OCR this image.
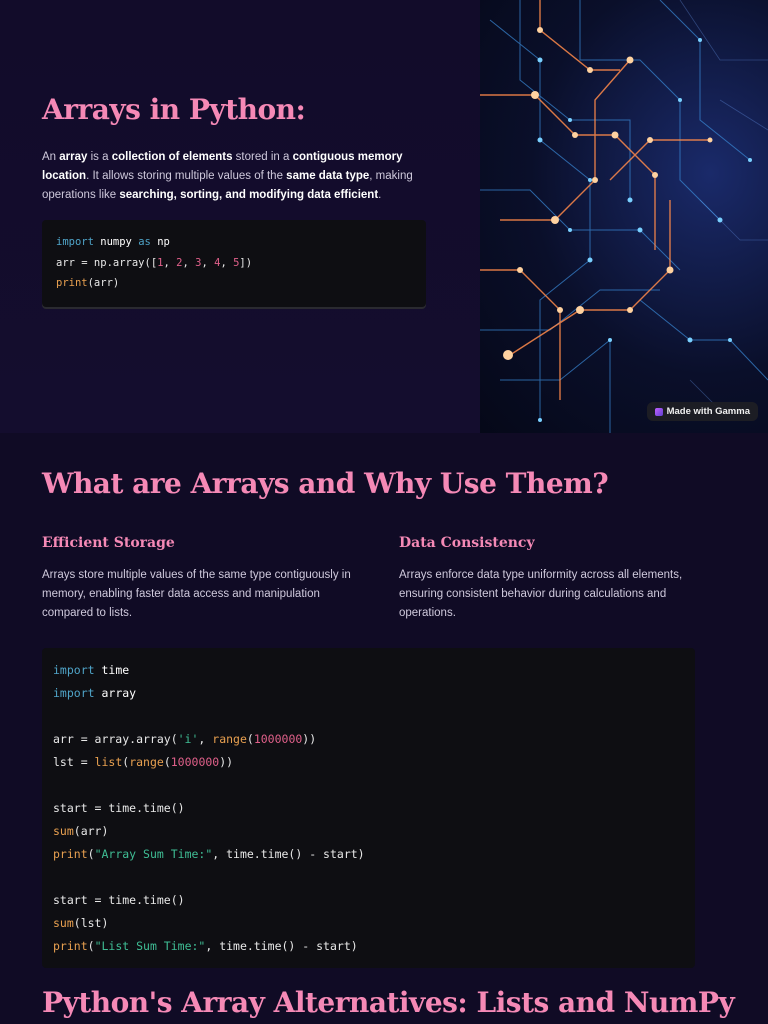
Arrays in Python:
An array is a collection of elements stored in a contiguous memory location. It allows storing multiple values of the same data type, making operations like searching, sorting, and modifying data efficient.
import numpy as np
arr = np.array([1, 2, 3, 4, 5])
print(arr)
Made with Gamma
What are Arrays and Why Use Them?
Efficient Storage
Arrays store multiple values of the same type contiguously in memory, enabling faster data access and manipulation compared to lists.
Data Consistency
Arrays enforce data type uniformity across all elements, ensuring consistent behavior during calculations and operations.
import time
import array
arr = array.array('i', range(1000000))
lst = list(range(1000000))
start = time.time()
sum(arr)
print("Array Sum Time:", time.time() - start)
start = time.time()
sum(lst)
print("List Sum Time:", time.time() - start)
Python's Array Alternatives: Lists and NumPy
